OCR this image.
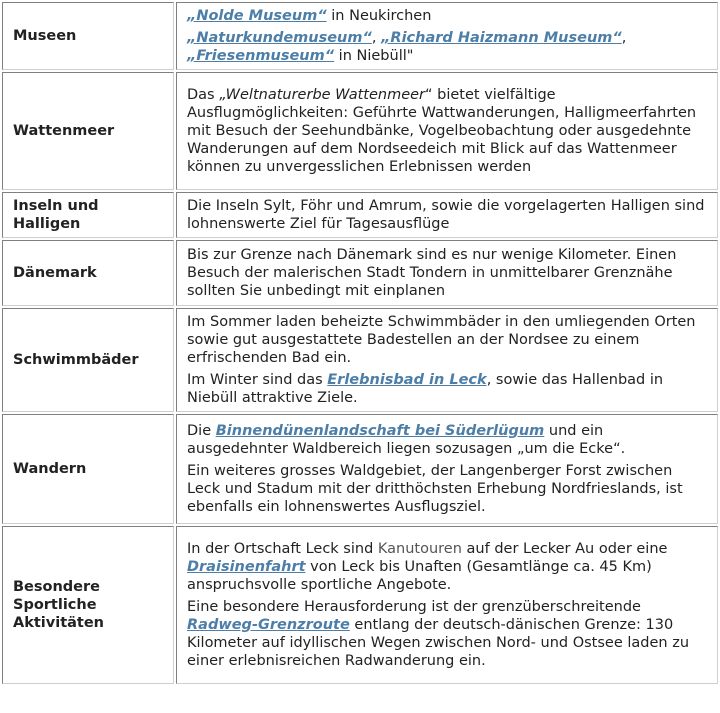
Museen	„Nolde Museum“ in Neukirchen

„Naturkundemuseum“, „Richard Haizmann Museum“,
„Friesenmuseum“ in Niebüll"

Wattenmeer	Das „Weltnaturerbe Wattenmeer“ bietet vielfältige Ausflugmöglichkeiten: Geführte Wattwanderungen, Halligmeerfahrten mit Besuch der Seehundbänke, Vogelbeobachtung oder ausgedehnte Wanderungen auf dem Nordseedeich mit Blick auf das Wattenmeer können zu unvergesslichen Erlebnissen werden

Inseln und Halligen	Die Inseln Sylt, Föhr und Amrum, sowie die vorgelagerten Halligen sind lohnenswerte Ziel für Tagesausflüge

Dänemark	Bis zur Grenze nach Dänemark sind es nur wenige Kilometer. Einen Besuch der malerischen Stadt Tondern in unmittelbarer Grenznähe sollten Sie unbedingt mit einplanen

Schwimmbäder	Im Sommer laden beheizte Schwimmbäder in den umliegenden Orten sowie gut ausgestattete Badestellen an der Nordsee zu einem erfrischenden Bad ein.

Im Winter sind das Erlebnisbad in Leck, sowie das Hallenbad in Niebüll attraktive Ziele.

Wandern	Die Binnendünenlandschaft bei Süderlügum und ein ausgedehnter Waldbereich liegen sozusagen „um die Ecke“.

Ein weiteres grosses Waldgebiet, der Langenberger Forst zwischen Leck und Stadum mit der dritthöchsten Erhebung Nordfrieslands, ist ebenfalls ein lohnenswertes Ausflugsziel.

Besondere Sportliche Aktivitäten	In der Ortschaft Leck sind Kanutouren auf der Lecker Au oder eine Draisinenfahrt von Leck bis Unaften (Gesamtlänge ca. 45 Km) anspruchsvolle sportliche Angebote.

Eine besondere Herausforderung ist der grenzüberschreitende Radweg-Grenzroute entlang der deutsch-dänischen Grenze: 130 Kilometer auf idyllischen Wegen zwischen Nord- und Ostsee laden zu einer erlebnisreichen Radwanderung ein.
